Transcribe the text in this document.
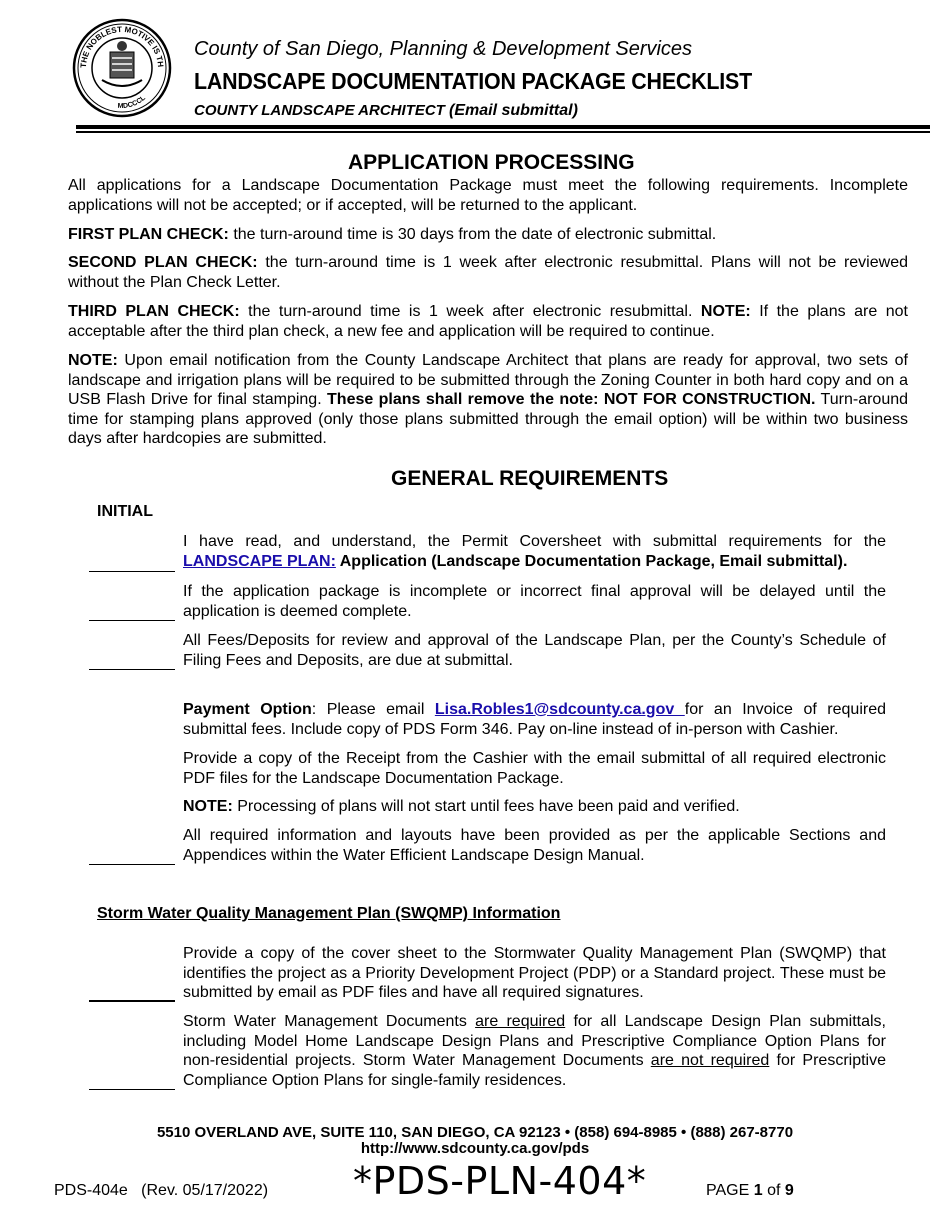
THE NOBLEST MOTIVE IS TH
MDCCCL
County of San Diego, Planning & Development Services
LANDSCAPE DOCUMENTATION PACKAGE CHECKLIST
COUNTY LANDSCAPE ARCHITECT (Email submittal)
APPLICATION PROCESSING
All applications for a Landscape Documentation Package must meet the following requirements. Incomplete applications will not be accepted; or if accepted, will be returned to the applicant.
FIRST PLAN CHECK: the turn-around time is 30 days from the date of electronic submittal.
SECOND PLAN CHECK: the turn-around time is 1 week after electronic resubmittal. Plans will not be reviewed without the Plan Check Letter.
THIRD PLAN CHECK: the turn-around time is 1 week after electronic resubmittal. NOTE: If the plans are not acceptable after the third plan check, a new fee and application will be required to continue.
NOTE: Upon email notification from the County Landscape Architect that plans are ready for approval, two sets of landscape and irrigation plans will be required to be submitted through the Zoning Counter in both hard copy and on a USB Flash Drive for final stamping. These plans shall remove the note: NOT FOR CONSTRUCTION. Turn-around time for stamping plans approved (only those plans submitted through the email option) will be within two business days after hardcopies are submitted.
GENERAL REQUIREMENTS
INITIAL
I have read, and understand, the Permit Coversheet with submittal requirements for the LANDSCAPE PLAN: Application (Landscape Documentation Package, Email submittal).
If the application package is incomplete or incorrect final approval will be delayed until the application is deemed complete.
All Fees/Deposits for review and approval of the Landscape Plan, per the County’s Schedule of Filing Fees and Deposits, are due at submittal.
Payment Option: Please email Lisa.Robles1@sdcounty.ca.gov for an Invoice of required submittal fees. Include copy of PDS Form 346. Pay on-line instead of in-person with Cashier.
Provide a copy of the Receipt from the Cashier with the email submittal of all required electronic PDF files for the Landscape Documentation Package.
NOTE: Processing of plans will not start until fees have been paid and verified.
All required information and layouts have been provided as per the applicable Sections and Appendices within the Water Efficient Landscape Design Manual.
Storm Water Quality Management Plan (SWQMP) Information
Provide a copy of the cover sheet to the Stormwater Quality Management Plan (SWQMP) that identifies the project as a Priority Development Project (PDP) or a Standard project. These must be submitted by email as PDF files and have all required signatures.
Storm Water Management Documents are required for all Landscape Design Plan submittals, including Model Home Landscape Design Plans and Prescriptive Compliance Option Plans for non-residential projects. Storm Water Management Documents are not required for Prescriptive Compliance Option Plans for single-family residences.
5510 OVERLAND AVE, SUITE 110, SAN DIEGO, CA 92123 • (858) 694-8985 • (888) 267-8770
http://www.sdcounty.ca.gov/pds
PDS-404e   (Rev. 05/17/2022) *PDS-PLN-404*	PAGE 1 of 9
